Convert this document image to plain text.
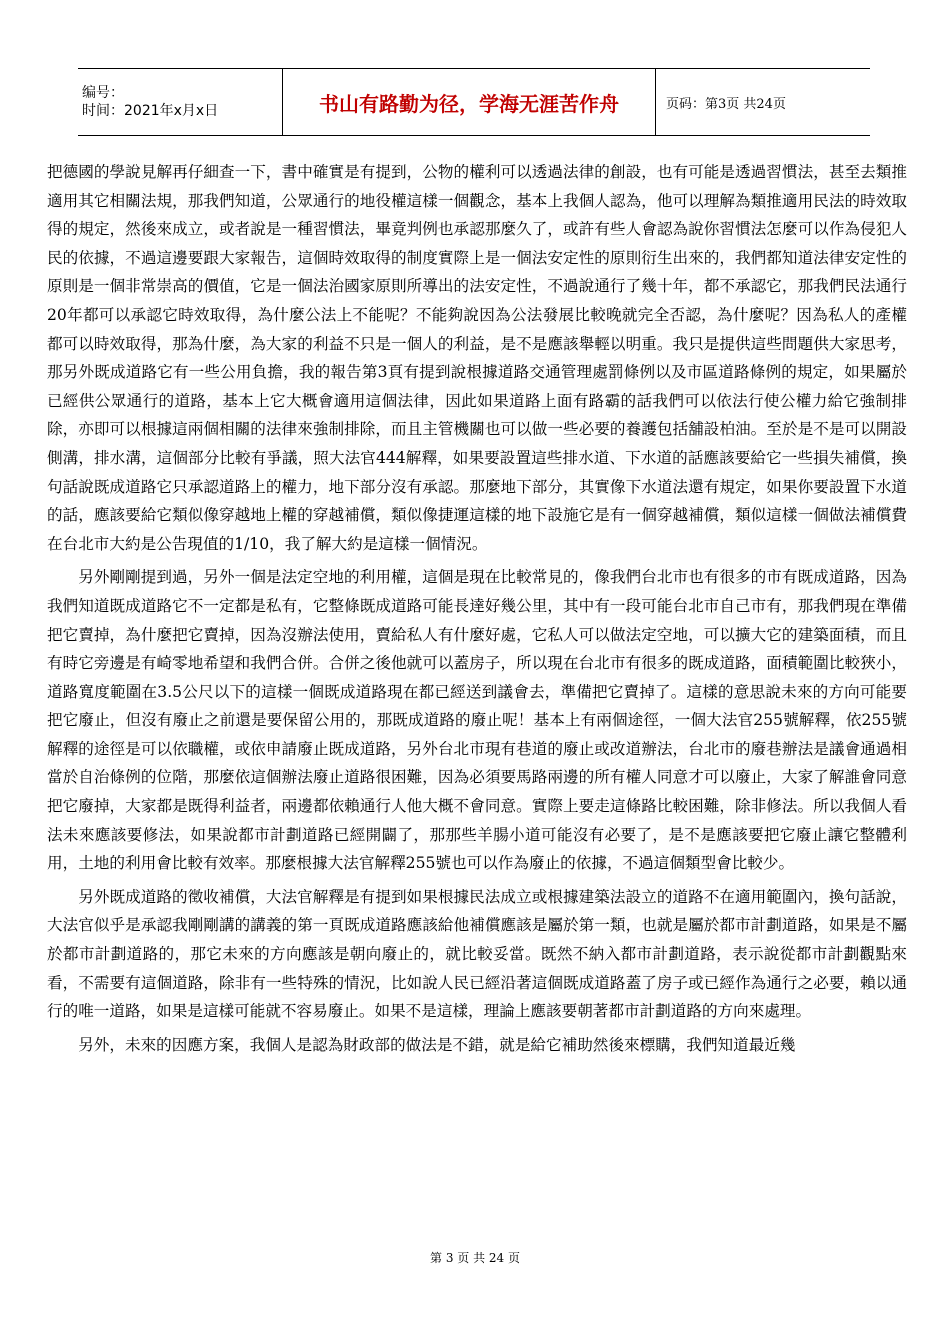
编号：
时间：2021年x月x日	书山有路勤为径，学海无涯苦作舟	页码：第3页 共24页

把德國的學說見解再仔細查一下，書中確實是有提到，公物的權利可以透過法律的創設，也有可能是透過習慣法，甚至去類推適用其它相關法規，那我們知道，公眾通行的地役權這樣一個觀念，基本上我個人認為，他可以理解為類推適用民法的時效取得的規定，然後來成立，或者說是一種習慣法，畢竟判例也承認那麼久了，或許有些人會認為說你習慣法怎麼可以作為侵犯人民的依據，不過這邊要跟大家報告，這個時效取得的制度實際上是一個法安定性的原則衍生出來的，我們都知道法律安定性的原則是一個非常崇高的價值，它是一個法治國家原則所導出的法安定性，不過說通行了幾十年，都不承認它，那我們民法通行20年都可以承認它時效取得，為什麼公法上不能呢？不能夠說因為公法發展比較晚就完全否認，為什麼呢？因為私人的產權都可以時效取得，那為什麼，為大家的利益不只是一個人的利益，是不是應該舉輕以明重。我只是提供這些問題供大家思考，那另外既成道路它有一些公用負擔，我的報告第3頁有提到說根據道路交通管理處罰條例以及市區道路條例的規定，如果屬於已經供公眾通行的道路，基本上它大概會適用這個法律，因此如果道路上面有路霸的話我們可以依法行使公權力給它強制排除，亦即可以根據這兩個相關的法律來強制排除，而且主管機關也可以做一些必要的養護包括舖設柏油。至於是不是可以開設側溝，排水溝，這個部分比較有爭議，照大法官444解釋，如果要設置這些排水道、下水道的話應該要給它一些損失補償，換句話說既成道路它只承認道路上的權力，地下部分沒有承認。那麼地下部分，其實像下水道法還有規定，如果你要設置下水道的話，應該要給它類似像穿越地上權的穿越補償，類似像捷運這樣的地下設施它是有一個穿越補償，類似這樣一個做法補償費在台北市大約是公告現值的1/10，我了解大約是這樣一個情況。

另外剛剛提到過，另外一個是法定空地的利用權，這個是現在比較常見的，像我們台北市也有很多的市有既成道路，因為我們知道既成道路它不一定都是私有，它整條既成道路可能長達好幾公里，其中有一段可能台北市自己市有，那我們現在準備把它賣掉，為什麼把它賣掉，因為沒辦法使用，賣給私人有什麼好處，它私人可以做法定空地，可以擴大它的建築面積，而且有時它旁邊是有崎零地希望和我們合併。合併之後他就可以蓋房子，所以現在台北市有很多的既成道路，面積範圍比較狹小，道路寬度範圍在3.5公尺以下的這樣一個既成道路現在都已經送到議會去，準備把它賣掉了。這樣的意思說未來的方向可能要把它廢止，但沒有廢止之前還是要保留公用的，那既成道路的廢止呢！基本上有兩個途徑，一個大法官255號解釋，依255號解釋的途徑是可以依職權，或依申請廢止既成道路，另外台北市現有巷道的廢止或改道辦法，台北市的廢巷辦法是議會通過相當於自治條例的位階，那麼依這個辦法廢止道路很困難，因為必須要馬路兩邊的所有權人同意才可以廢止，大家了解誰會同意把它廢掉，大家都是既得利益者，兩邊都依賴通行人他大概不會同意。實際上要走這條路比較困難，除非修法。所以我個人看法未來應該要修法，如果說都市計劃道路已經開闢了，那那些羊腸小道可能沒有必要了，是不是應該要把它廢止讓它整體利用，土地的利用會比較有效率。那麼根據大法官解釋255號也可以作為廢止的依據，不過這個類型會比較少。

另外既成道路的徵收補償，大法官解釋是有提到如果根據民法成立或根據建築法設立的道路不在適用範圍內，換句話說，大法官似乎是承認我剛剛講的講義的第一頁既成道路應該給他補償應該是屬於第一類，也就是屬於都市計劃道路，如果是不屬於都市計劃道路的，那它未來的方向應該是朝向廢止的，就比較妥當。既然不納入都市計劃道路，表示說從都市計劃觀點來看，不需要有這個道路，除非有一些特殊的情況，比如說人民已經沿著這個既成道路蓋了房子或已經作為通行之必要，賴以通行的唯一道路，如果是這樣可能就不容易廢止。如果不是這樣，理論上應該要朝著都市計劃道路的方向來處理。

另外，未來的因應方案，我個人是認為財政部的做法是不錯，就是給它補助然後來標購，我們知道最近幾

第 3 页 共 24 页
